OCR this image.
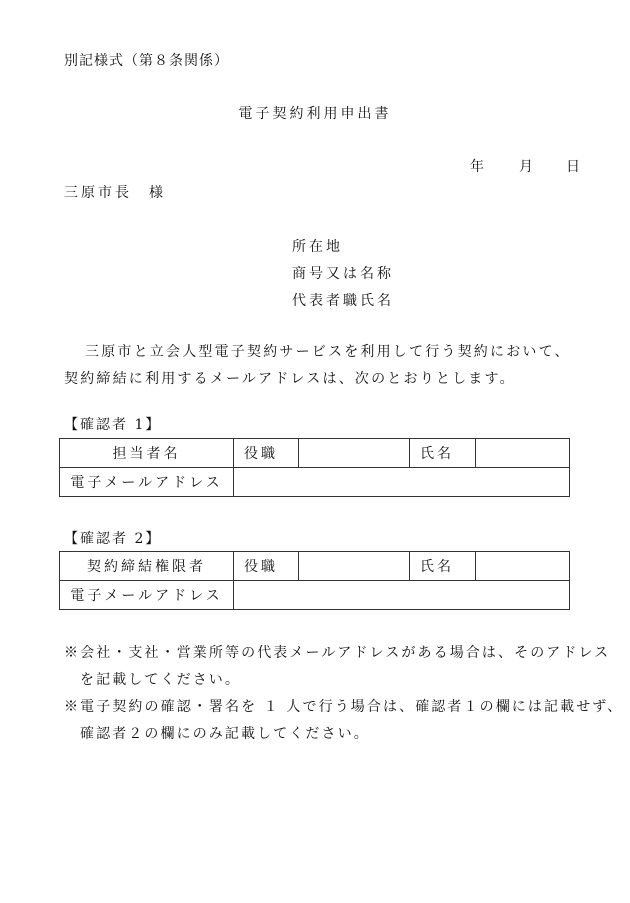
別記様式（第８条関係）
電子契約利用申出書
年	月 日
三原市長　様
所在地
商号又は名称
代表者職氏名
三原市と立会人型電子契約サービスを利用して行う契約において、契約締結に利用するメールアドレスは、次のとおりとします。
【確認者 1】
担当者名	役職		氏名	
電子メールアドレス				
【確認者 2】
契約締結権限者	役職		氏名	
電子メールアドレス				
※会社・支社・営業所等の代表メールアドレスがある場合は、そのアドレス
を記載してください。
※電子契約の確認・署名を １ 人で行う場合は、確認者１の欄には記載せず、
確認者２の欄にのみ記載してください。
